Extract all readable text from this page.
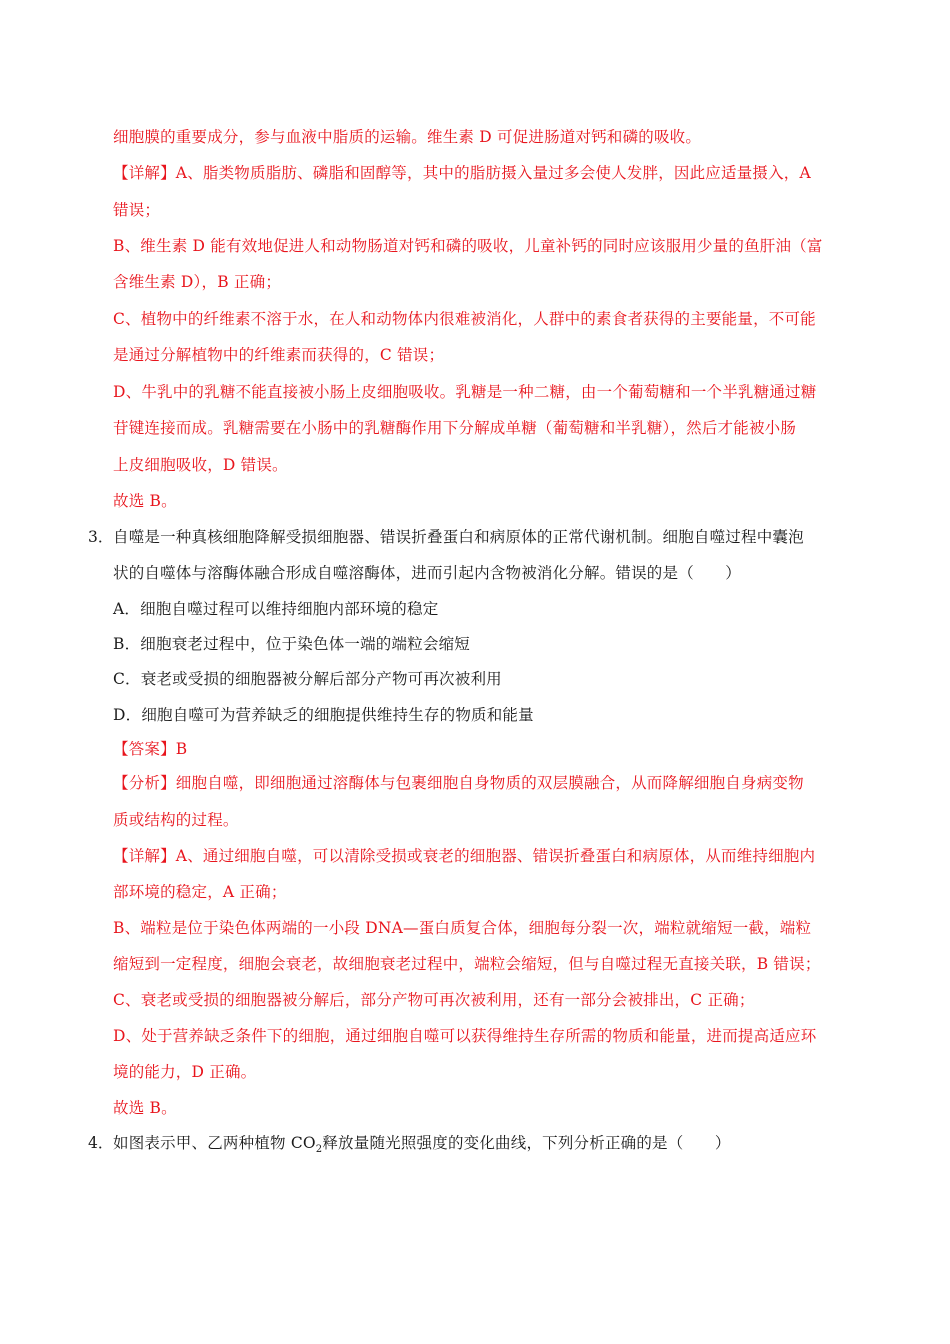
细胞膜的重要成分，参与血液中脂质的运输。维生素 D 可促进肠道对钙和磷的吸收。
【详解】A、脂类物质脂肪、磷脂和固醇等，其中的脂肪摄入量过多会使人发胖，因此应适量摄入，A
错误；
B、维生素 D 能有效地促进人和动物肠道对钙和磷的吸收，儿童补钙的同时应该服用少量的鱼肝油（富
含维生素 D），B 正确；
C、植物中的纤维素不溶于水，在人和动物体内很难被消化，人群中的素食者获得的主要能量，不可能
是通过分解植物中的纤维素而获得的，C 错误；
D、牛乳中的乳糖不能直接被小肠上皮细胞吸收。乳糖是一种二糖，由一个葡萄糖和一个半乳糖通过糖
苷键连接而成。乳糖需要在小肠中的乳糖酶作用下分解成单糖（葡萄糖和半乳糖），然后才能被小肠
上皮细胞吸收，D 错误。
故选 B。
3． 自噬是一种真核细胞降解受损细胞器、错误折叠蛋白和病原体的正常代谢机制。细胞自噬过程中囊泡
状的自噬体与溶酶体融合形成自噬溶酶体，进而引起内含物被消化分解。错误的是（　　）
A．细胞自噬过程可以维持细胞内部环境的稳定
B．细胞衰老过程中，位于染色体一端的端粒会缩短
C．衰老或受损的细胞器被分解后部分产物可再次被利用
D．细胞自噬可为营养缺乏的细胞提供维持生存的物质和能量
【答案】B
【分析】细胞自噬，即细胞通过溶酶体与包裹细胞自身物质的双层膜融合，从而降解细胞自身病变物
质或结构的过程。
【详解】A、通过细胞自噬，可以清除受损或衰老的细胞器、错误折叠蛋白和病原体，从而维持细胞内
部环境的稳定，A 正确；
B、端粒是位于染色体两端的一小段 DNA—蛋白质复合体，细胞每分裂一次，端粒就缩短一截，端粒
缩短到一定程度，细胞会衰老，故细胞衰老过程中，端粒会缩短，但与自噬过程无直接关联，B 错误；
C、衰老或受损的细胞器被分解后，部分产物可再次被利用，还有一部分会被排出，C 正确；
D、处于营养缺乏条件下的细胞，通过细胞自噬可以获得维持生存所需的物质和能量，进而提高适应环
境的能力，D 正确。
故选 B。
4． 如图表示甲、乙两种植物 $CO_2$释放量随光照强度的变化曲线，下列分析正确的是（　　）
